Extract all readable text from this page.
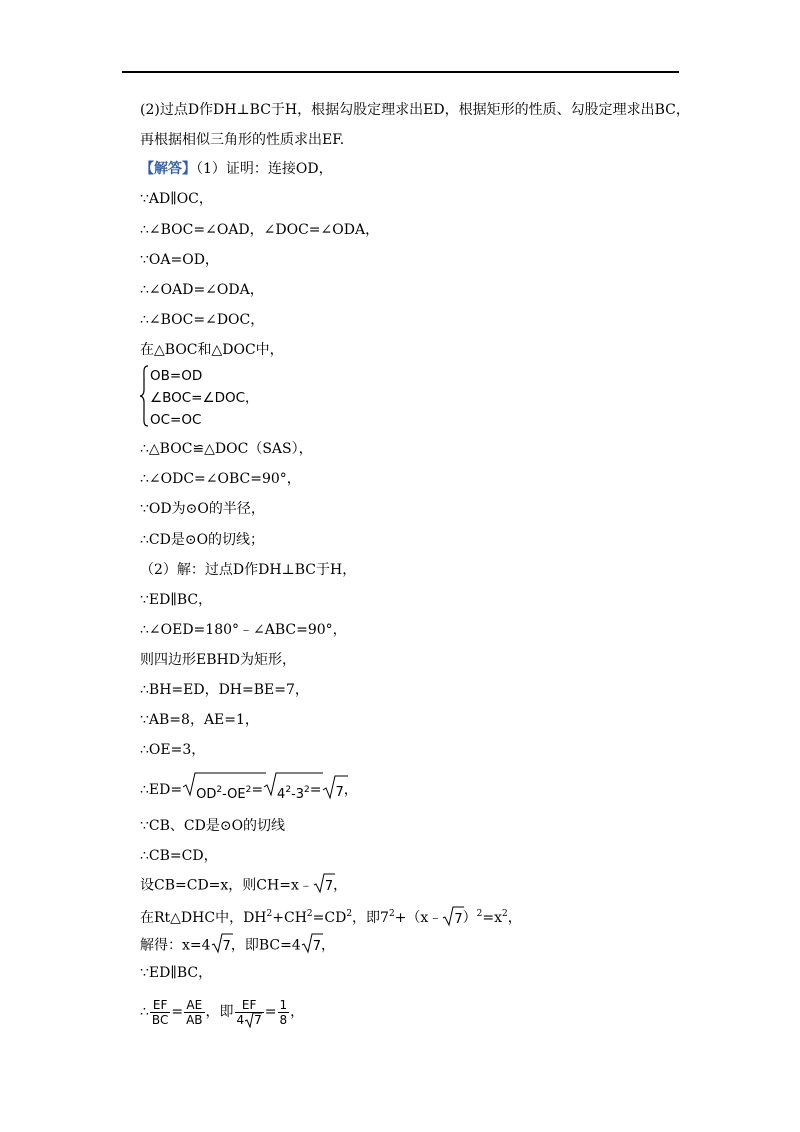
(2)过点D作DH⊥BC于H，根据勾股定理求出ED，根据矩形的性质、勾股定理求出BC，
再根据相似三角形的性质求出EF.
【解答】（1）证明：连接OD，
∵AD∥OC，
∴∠BOC=∠OAD，∠DOC=∠ODA，
∵OA=OD，
∴∠OAD=∠ODA，
∴∠BOC=∠DOC，
在△BOC和△DOC中，
OB=OD
∠BOC=∠DOC，
OC=OC
∴△BOC≌△DOC（SAS），
∴∠ODC=∠OBC=90°，
∵OD为⊙O的半径，
∴CD是⊙O的切线；
（2）解：过点D作DH⊥BC于H，
∵ED∥BC，
∴∠OED=180°﹣∠ABC=90°，
则四边形EBHD为矩形，
∴BH=ED，DH=BE=7，
∵AB=8，AE=1，
∴OE=3，
∴ED= $OD^2-OE^2= 4^2-3^2= 7$，
∵CB、CD是⊙O的切线
∴CB=CD，
设CB=CD=x，则CH=x﹣ 7，
在Rt△DHC中，$DH^2+CH^2=CD^2$，即$7^2+(x﹣$ $7)^2=x^2$，
解得：x=4 7，即BC=4 7，
∵ED∥BC，
∴ $\frac{EF}{BC} = \frac{AE}{AB}$ ，即 $\frac{EF}{4 7} = \frac{1}{8}$ ，
